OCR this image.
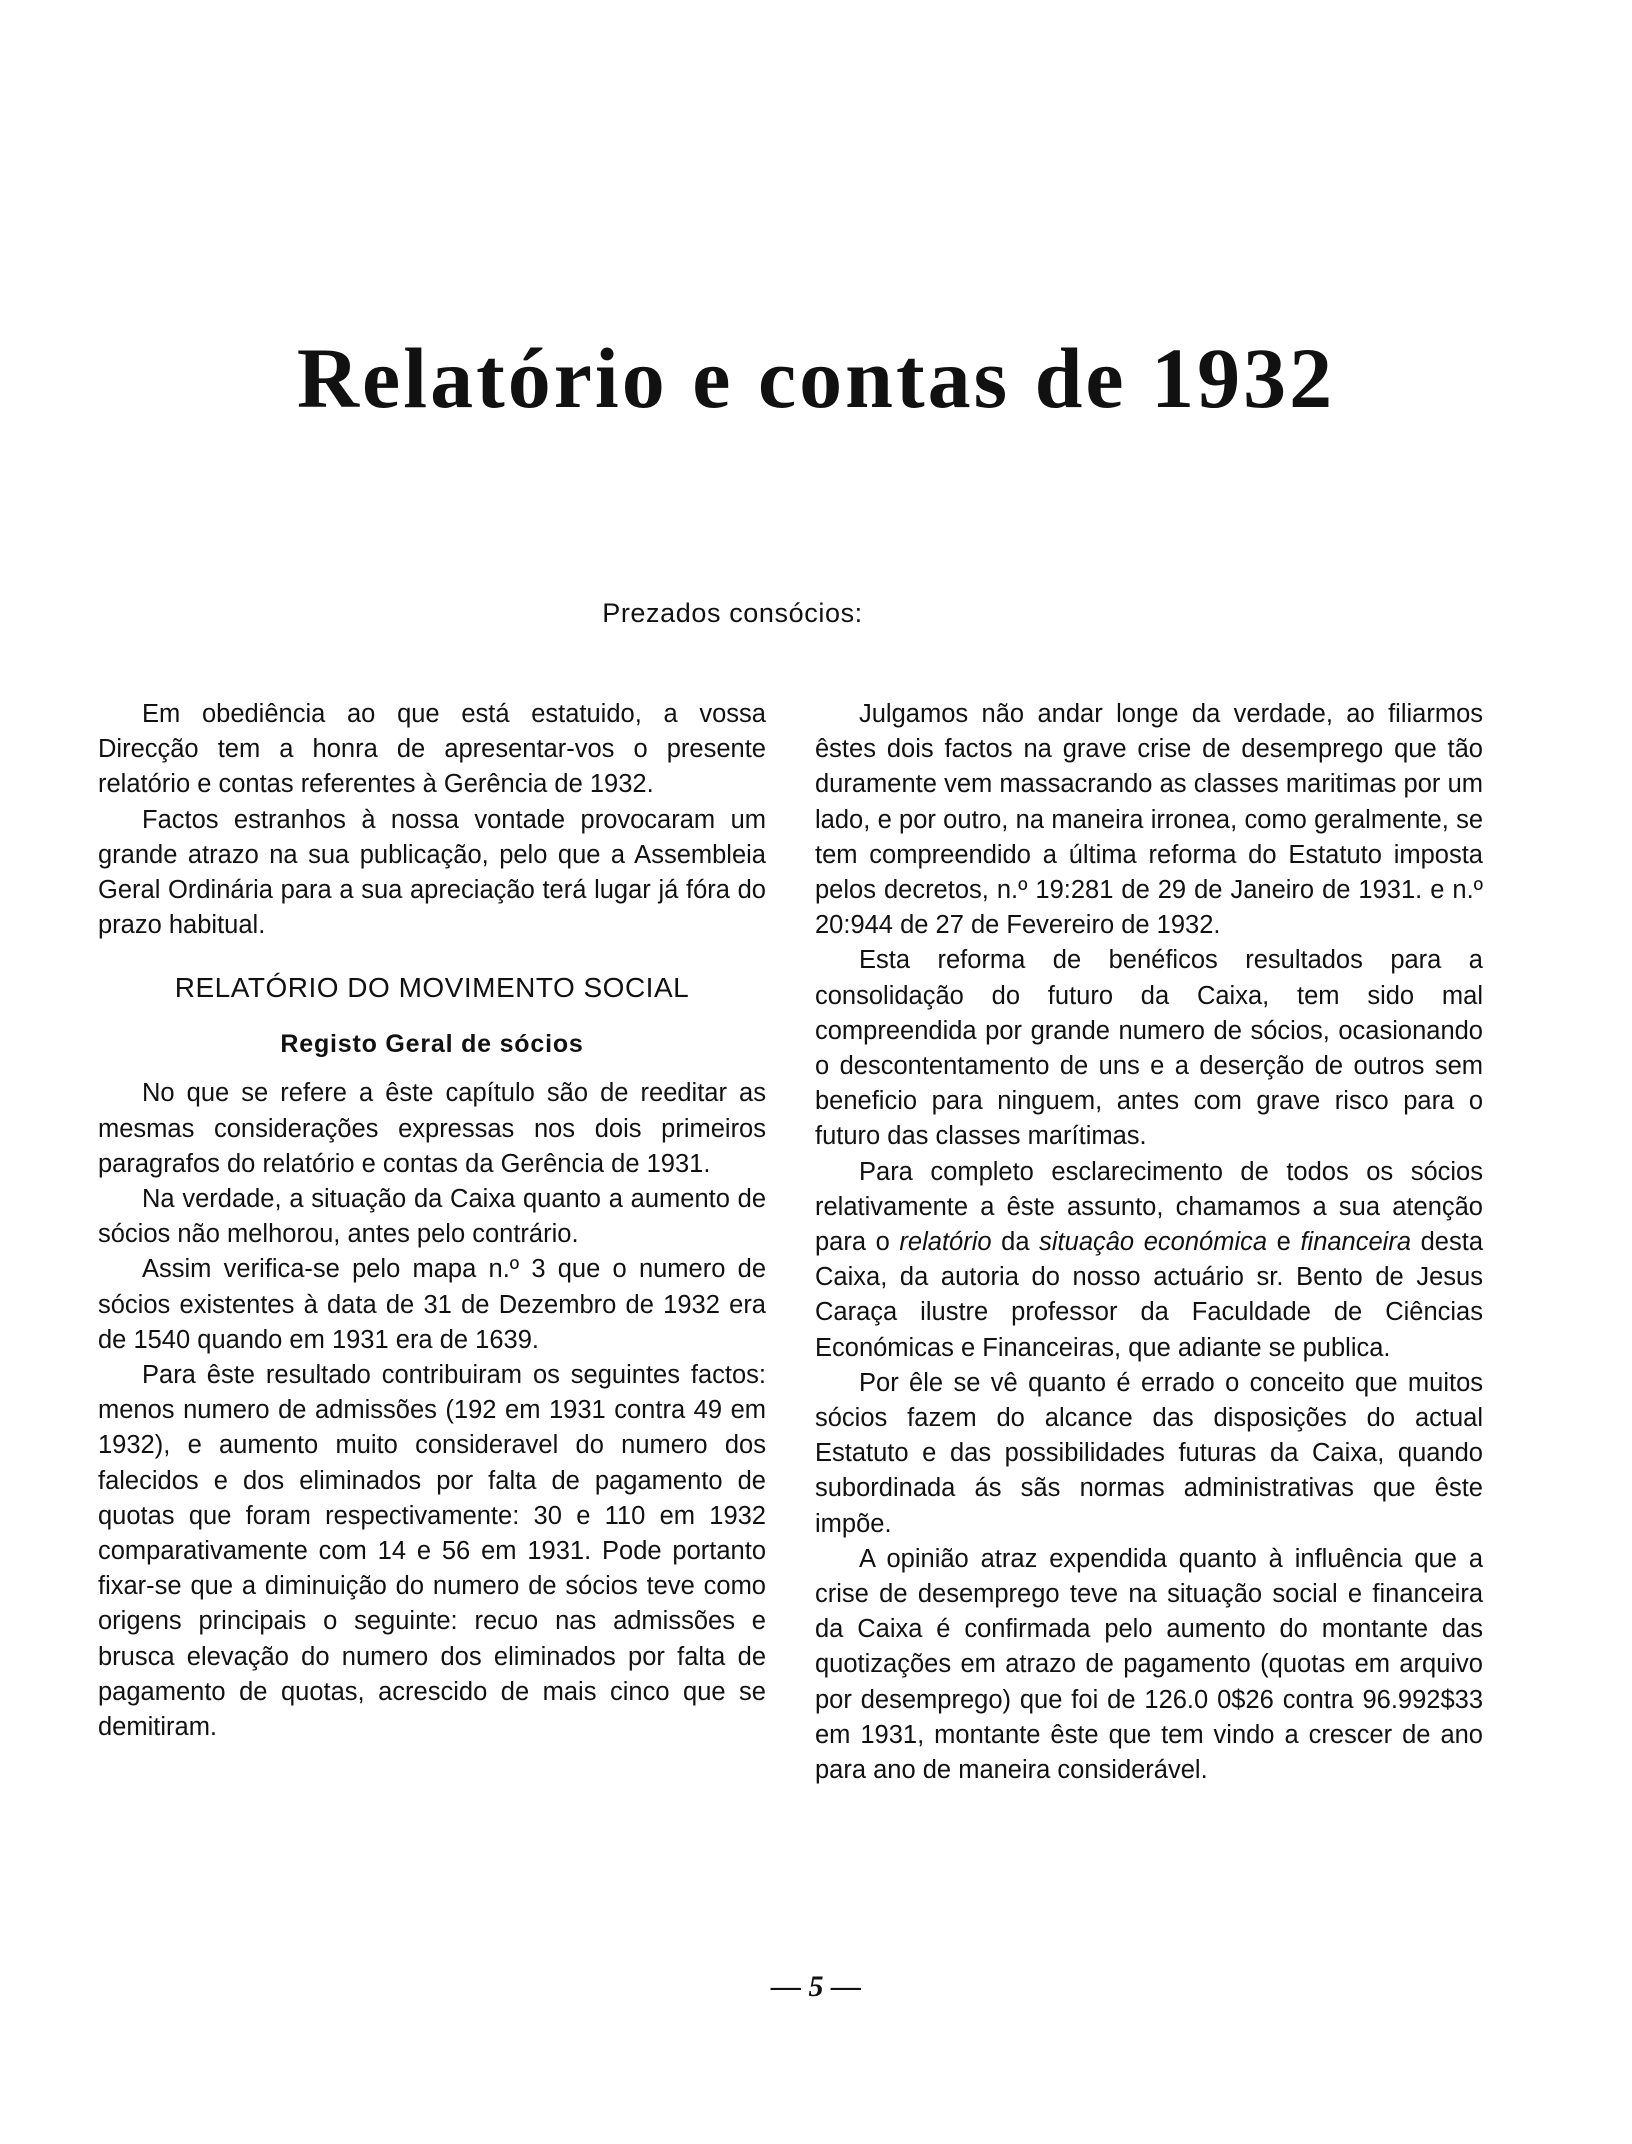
Relatório e contas de 1932
Prezados consócios:

Em obediência ao que está estatuido, a vossa Direcção tem a honra de apresentar-vos o presente relatório e contas referentes à Gerência de 1932.

Factos estranhos à nossa vontade provocaram um grande atrazo na sua publicação, pelo que a Assembleia Geral Ordinária para a sua apreciação terá lugar já fóra do prazo habitual.

RELATÓRIO DO MOVIMENTO SOCIAL
Registo Geral de sócios

No que se refere a êste capítulo são de reeditar as mesmas considerações expressas nos dois primeiros paragrafos do relatório e contas da Gerência de 1931.

Na verdade, a situação da Caixa quanto a aumento de sócios não melhorou, antes pelo contrário.

Assim verifica-se pelo mapa n.º 3 que o numero de sócios existentes à data de 31 de Dezembro de 1932 era de 1540 quando em 1931 era de 1639.

Para êste resultado contribuiram os seguintes factos: menos numero de admissões (192 em 1931 contra 49 em 1932), e aumento muito consideravel do numero dos falecidos e dos eliminados por falta de pagamento de quotas que foram respectivamente: 30 e 110 em 1932 comparativamente com 14 e 56 em 1931. Pode portanto fixar-se que a diminuição do numero de sócios teve como origens principais o seguinte: recuo nas admissões e brusca elevação do numero dos eliminados por falta de pagamento de quotas, acrescido de mais cinco que se demitiram.

Julgamos não andar longe da verdade, ao filiarmos êstes dois factos na grave crise de desemprego que tão duramente vem massacrando as classes maritimas por um lado, e por outro, na maneira irronea, como geralmente, se tem compreendido a última reforma do Estatuto imposta pelos decretos, n.º 19:281 de 29 de Janeiro de 1931. e n.º 20:944 de 27 de Fevereiro de 1932.

Esta reforma de benéficos resultados para a consolidação do futuro da Caixa, tem sido mal compreendida por grande numero de sócios, ocasionando o descontentamento de uns e a deserção de outros sem beneficio para ninguem, antes com grave risco para o futuro das classes marítimas.

Para completo esclarecimento de todos os sócios relativamente a êste assunto, chamamos a sua atenção para o relatório da situaçâo económica e financeira desta Caixa, da autoria do nosso actuário sr. Bento de Jesus Caraça ilustre professor da Faculdade de Ciências Económicas e Financeiras, que adiante se publica.

Por êle se vê quanto é errado o conceito que muitos sócios fazem do alcance das disposições do actual Estatuto e das possibilidades futuras da Caixa, quando subordinada ás sãs normas administrativas que êste impõe.

A opinião atraz expendida quanto à influência que a crise de desemprego teve na situação social e financeira da Caixa é confirmada pelo aumento do montante das quotizações em atrazo de pagamento (quotas em arquivo por desemprego) que foi de 126.0 0$26 contra 96.992$33 em 1931, montante êste que tem vindo a crescer de ano para ano de maneira considerável.

— 5 —
